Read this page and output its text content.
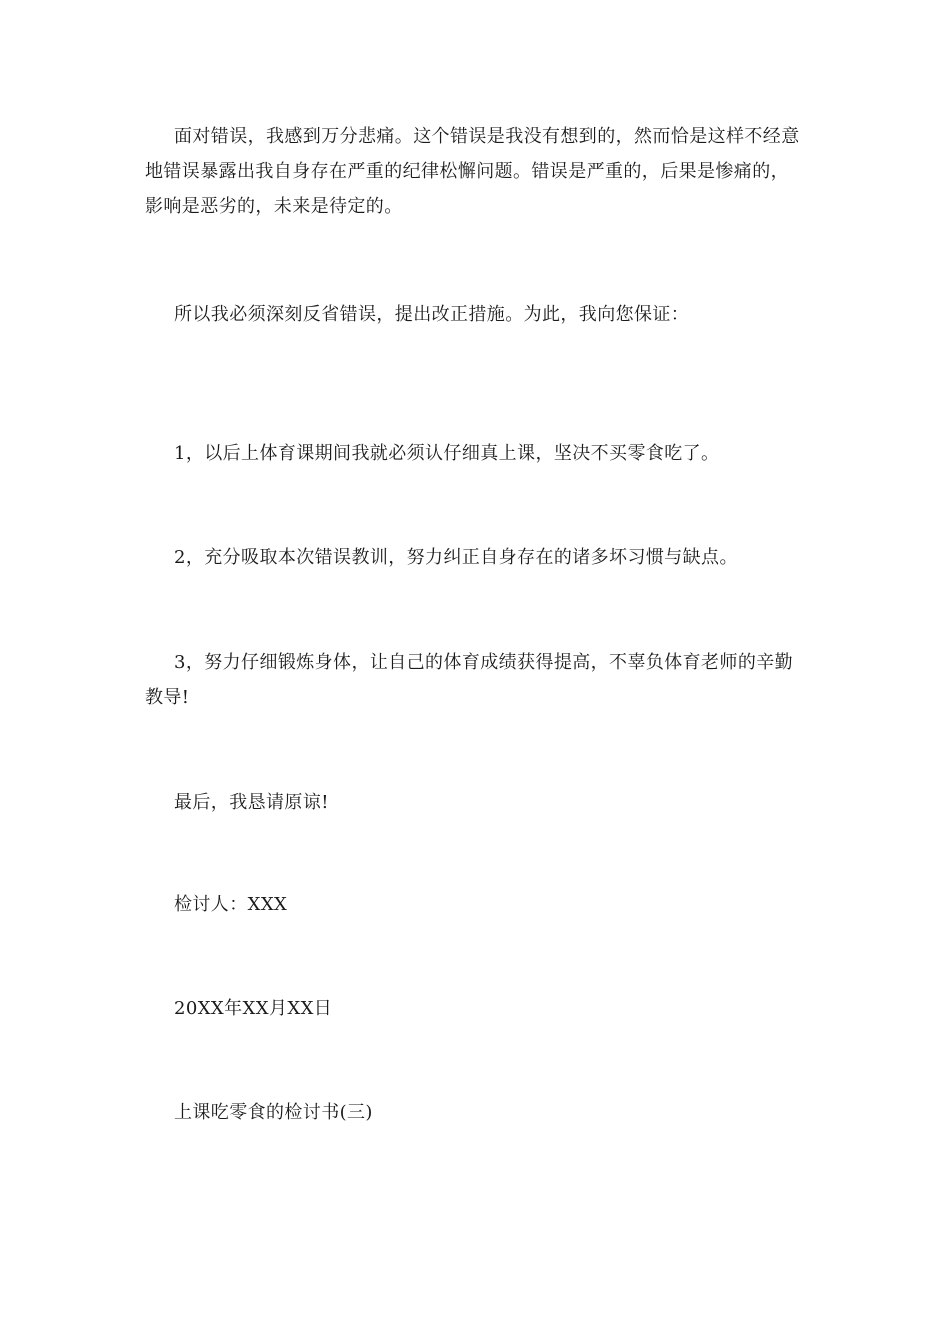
面对错误，我感到万分悲痛。这个错误是我没有想到的，然而恰是这样不经意地错误暴露出我自身存在严重的纪律松懈问题。错误是严重的，后果是惨痛的，影响是恶劣的，未来是待定的。

所以我必须深刻反省错误，提出改正措施。为此，我向您保证：

1，以后上体育课期间我就必须认仔细真上课，坚决不买零食吃了。

2，充分吸取本次错误教训，努力纠正自身存在的诸多坏习惯与缺点。

3，努力仔细锻炼身体，让自己的体育成绩获得提高，不辜负体育老师的辛勤教导!

最后，我恳请原谅!

检讨人：XXX

20XX年XX月XX日

上课吃零食的检讨书(三)
